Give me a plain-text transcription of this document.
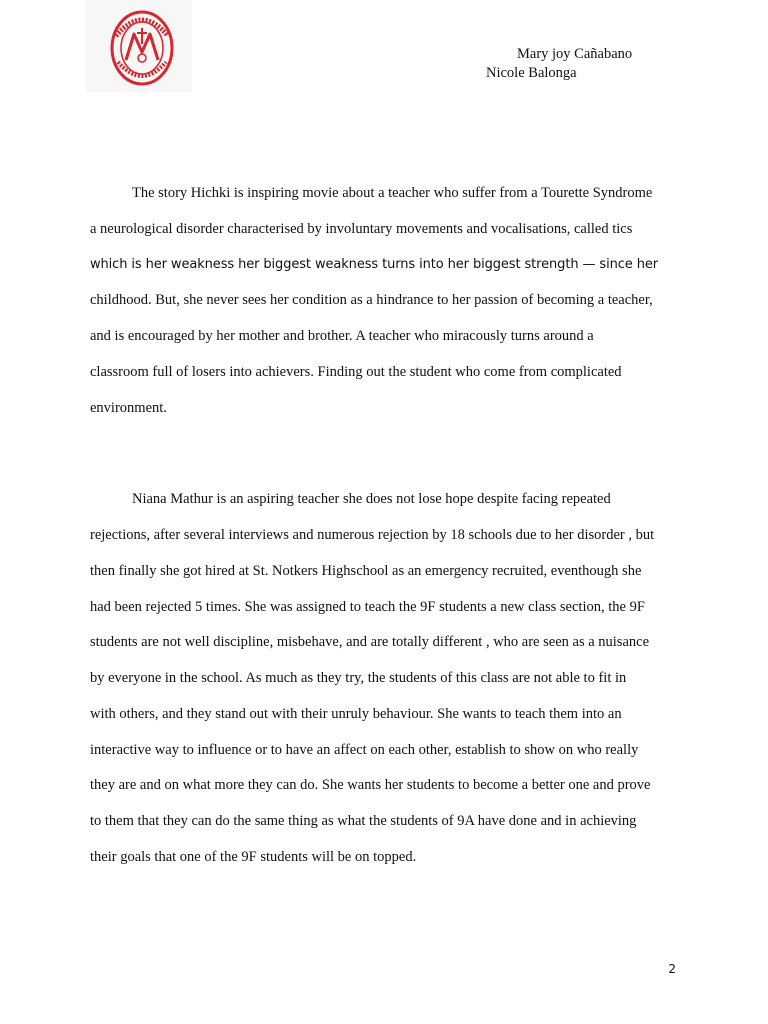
Mary joy Cañabano
Nicole Balonga
The story Hichki is inspiring movie about a teacher who suffer from a Tourette Syndrome
a neurological disorder characterised by involuntary movements and vocalisations, called tics
which is her weakness her biggest weakness turns into her biggest strength — since her
childhood. But, she never sees her condition as a hindrance to her passion of becoming a teacher,
and is encouraged by her mother and brother. A teacher who miracously turns around a
classroom full of losers into achievers. Finding out the student who come from complicated
environment.
Niana Mathur is an aspiring teacher she does not lose hope despite facing repeated
rejections, after several interviews and numerous rejection by 18 schools due to her disorder , but
then finally she got hired at St. Notkers Highschool as an emergency recruited, eventhough she
had been rejected 5 times. She was assigned to teach the 9F students a new class section, the 9F
students are not well discipline, misbehave, and are totally different , who are seen as a nuisance
by everyone in the school. As much as they try, the students of this class are not able to fit in
with others, and they stand out with their unruly behaviour. She wants to teach them into an
interactive way to influence or to have an affect on each other, establish to show on who really
they are and on what more they can do. She wants her students to become a better one and prove
to them that they can do the same thing as what the students of 9A have done and in achieving
their goals that one of the 9F students will be on topped.
2
